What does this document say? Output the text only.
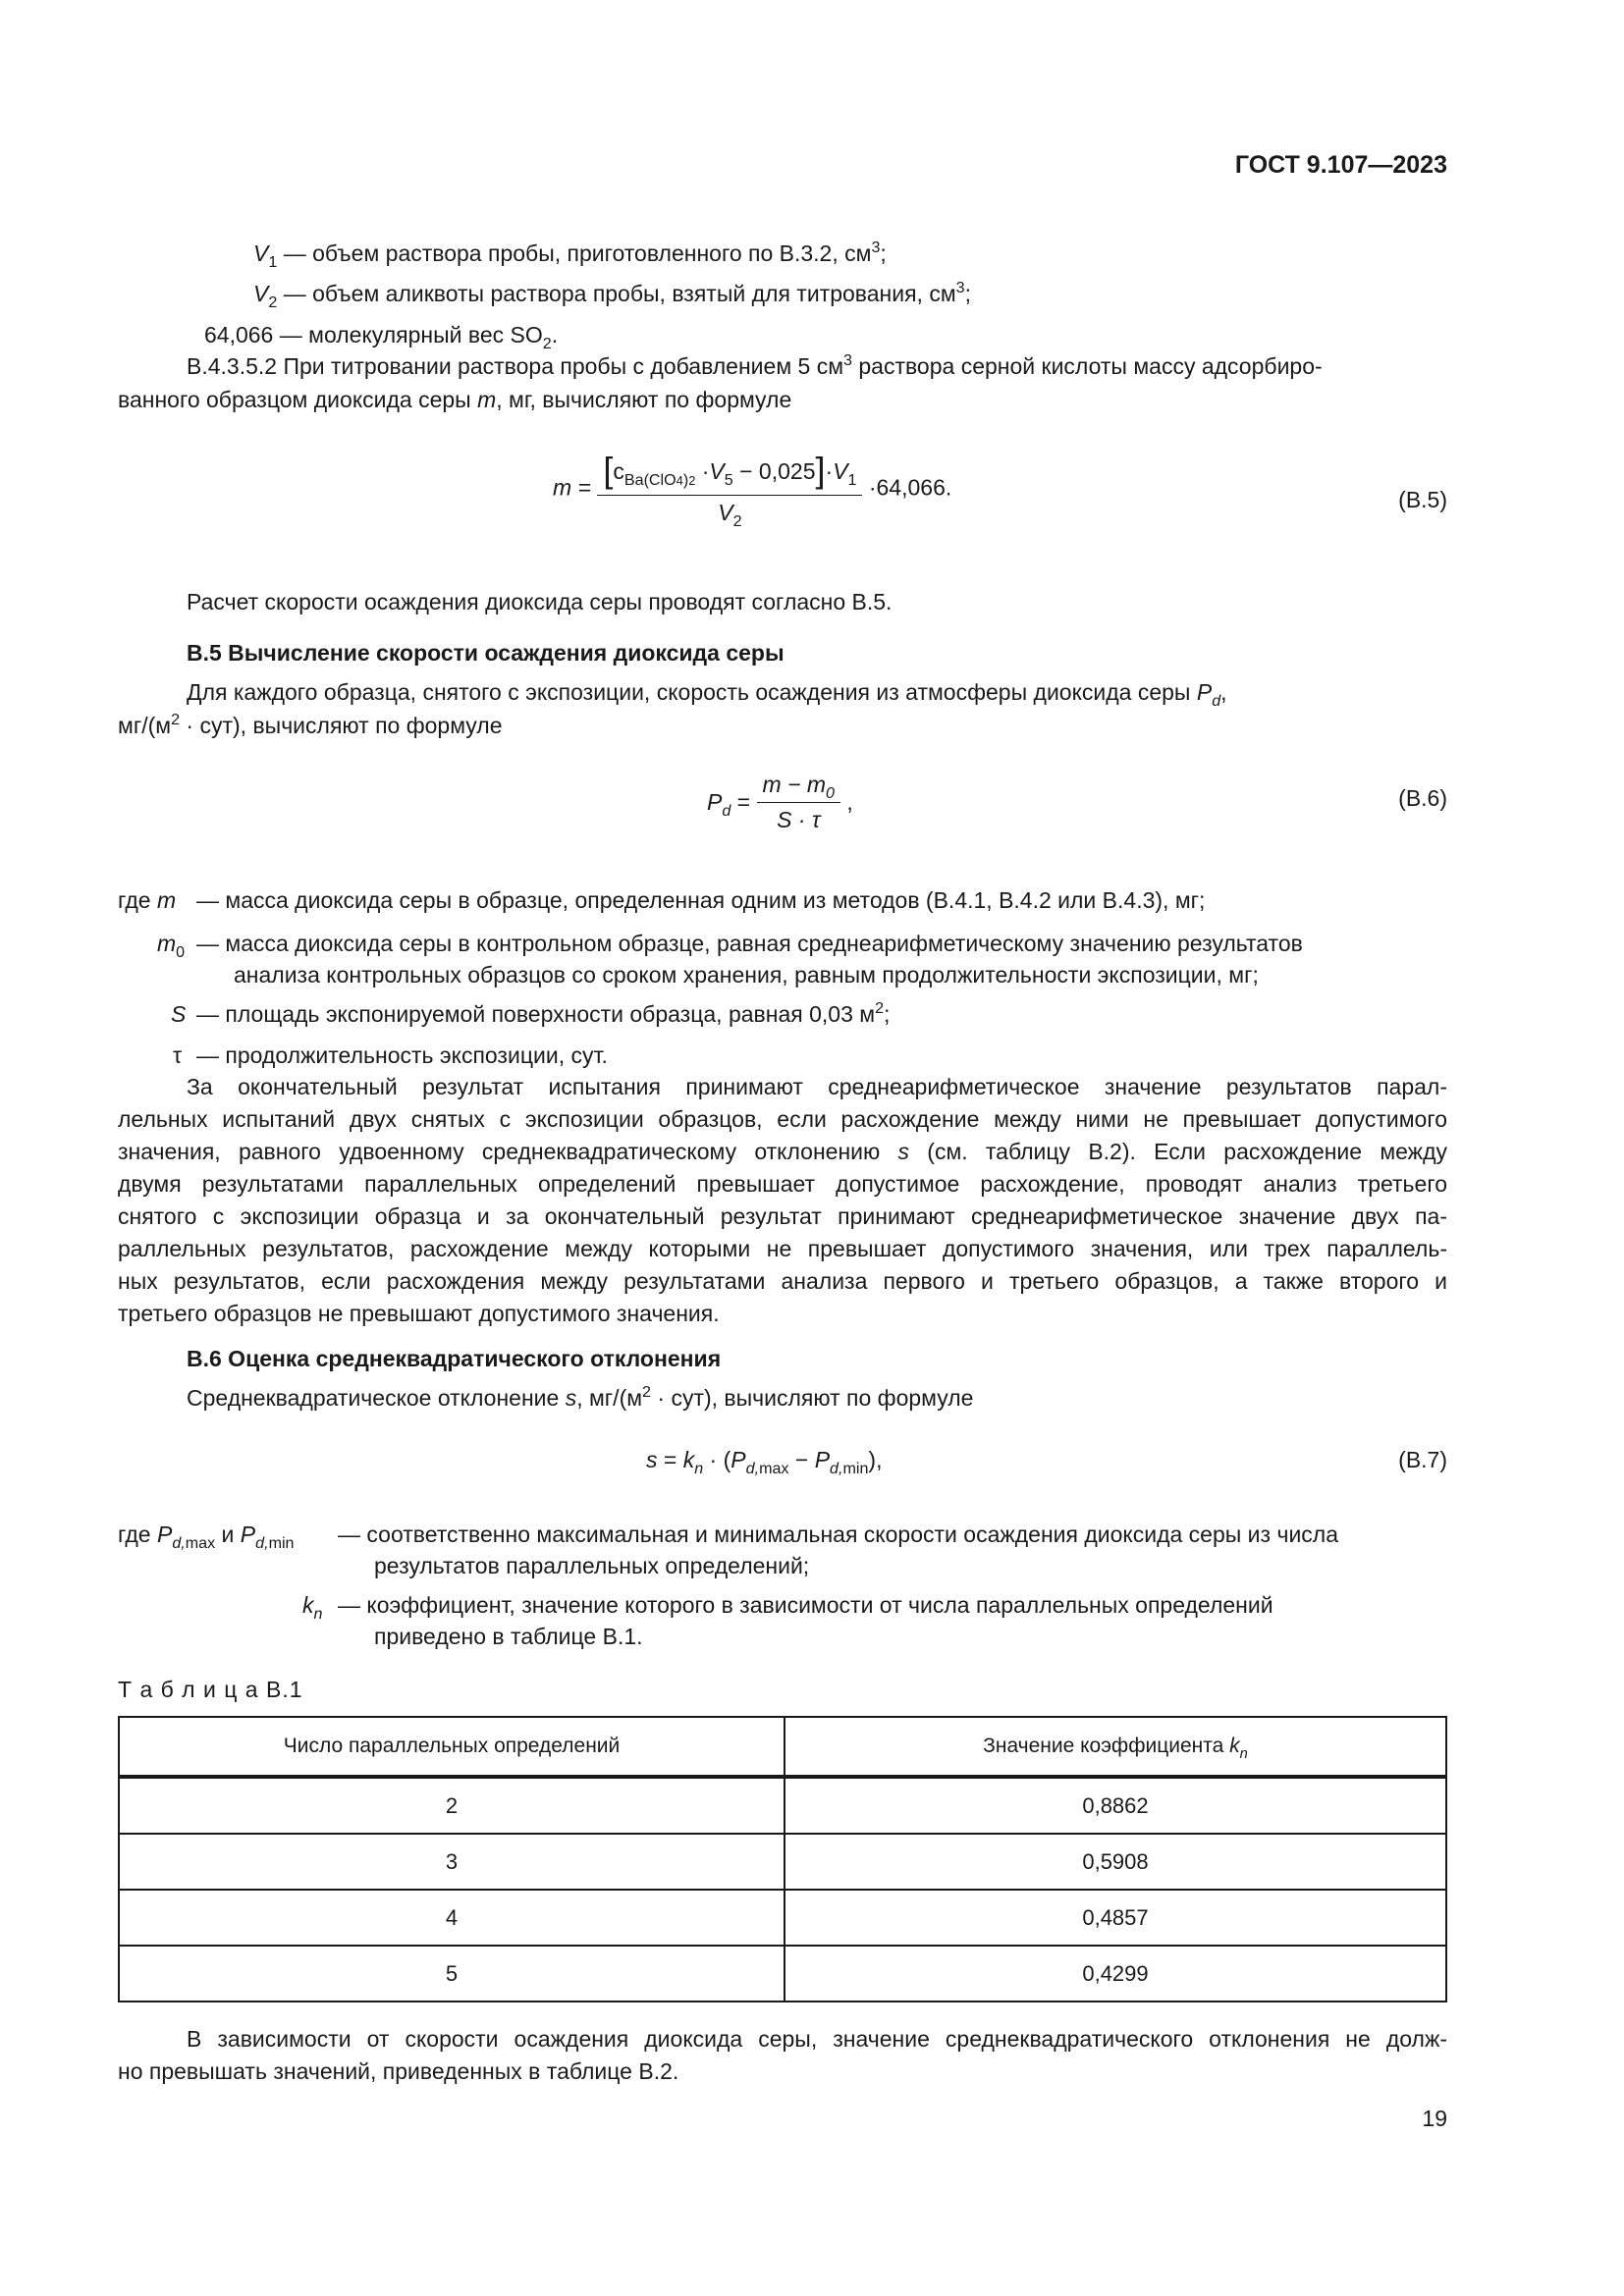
ГОСТ 9.107—2023
$V_1$ — объем раствора пробы, приготовленного по В.3.2, $см^3$;
$V_2$ — объем аликвоты раствора пробы, взятый для титрования, $см^3$;
64,066 — молекулярный вес $SO_2$.
В.4.3.5.2 При титровании раствора пробы с добавлением 5 $см^3$ раствора серной кислоты массу адсорбиро-
ванного образцом диоксида серы m, мг, вычисляют по формуле
$m = \frac{[c_{Ba(ClO4)2} \cdot V_5 - 0,025]\cdot V_1}{V_2} \cdot 64,066$.	(В.5)
Расчет скорости осаждения диоксида серы проводят согласно В.5.
В.5 Вычисление скорости осаждения диоксида серы
Для каждого образца, снятого с экспозиции, скорость осаждения из атмосферы диоксида серы $P_d$,
$мг/(м^2 \cdot сут)$, вычисляют по формуле
$P_d = \frac{m - m_0}{S \cdot \tau}$ ,	(В.6)
где m — масса диоксида серы в образце, определенная одним из методов (В.4.1, В.4.2 или В.4.3), мг;
$m_0$ — масса диоксида серы в контрольном образце, равная среднеарифметическому значению результатов
анализа контрольных образцов со сроком хранения, равным продолжительности экспозиции, мг;
S — площадь экспонируемой поверхности образца, равная 0,03 $м^2$;
τ — продолжительность экспозиции, сут.
За окончательный результат испытания принимают среднеарифметическое значение результатов парал-
лельных испытаний двух снятых с экспозиции образцов, если расхождение между ними не превышает допустимого
значения, равного удвоенному среднеквадратическому отклонению s (см. таблицу В.2). Если расхождение между
двумя результатами параллельных определений превышает допустимое расхождение, проводят анализ третьего
снятого с экспозиции образца и за окончательный результат принимают среднеарифметическое значение двух па-
раллельных результатов, расхождение между которыми не превышает допустимого значения, или трех параллель-
ных результатов, если расхождения между результатами анализа первого и третьего образцов, а также второго и
третьего образцов не превышают допустимого значения.
В.6 Оценка среднеквадратического отклонения
Среднеквадратическое отклонение s, $мг/(м^2 \cdot сут)$, вычисляют по формуле
$s = k_n \cdot (P_{d,max} - P_{d,min})$,	(В.7)
где $P_{d,max}$ и $P_{d,min}$ — соответственно максимальная и минимальная скорости осаждения диоксида серы из числа
результатов параллельных определений;
$k_n$ — коэффициент, значение которого в зависимости от числа параллельных определений
приведено в таблице В.1.
Т а б л и ц а В.1
Число параллельных определений	Значение коэффициента $k_n$
2	0,8862
3	0,5908
4	0,4857
5	0,4299
В зависимости от скорости осаждения диоксида серы, значение среднеквадратического отклонения не долж-
но превышать значений, приведенных в таблице В.2.
19
